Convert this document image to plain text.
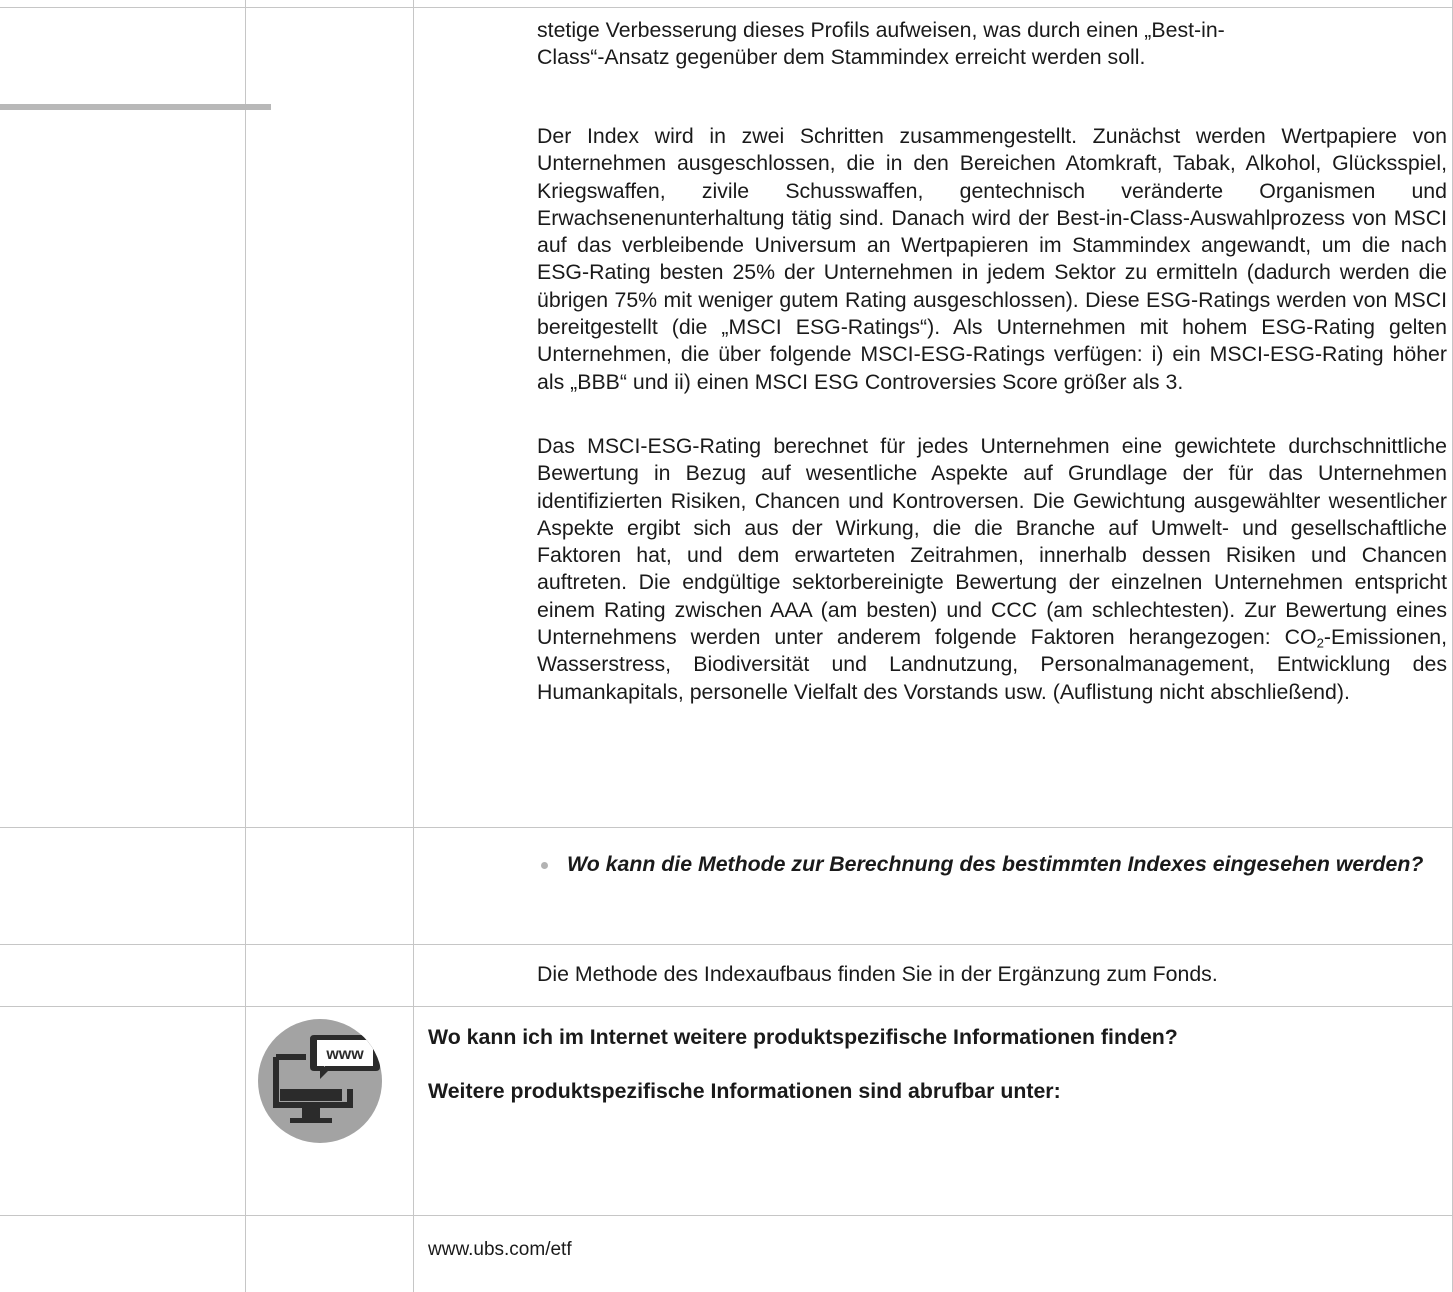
stetige Verbesserung dieses Profils aufweisen, was durch einen „Best-in-

Class“-Ansatz gegenüber dem Stammindex erreicht werden soll.

Der Index wird in zwei Schritten zusammengestellt. Zunächst werden Wertpapiere von Unternehmen ausgeschlossen, die in den Bereichen Atomkraft, Tabak, Alkohol, Glücksspiel, Kriegswaffen, zivile Schusswaffen, gentechnisch veränderte Organismen und Erwachsenenunterhaltung tätig sind. Danach wird der Best-in-Class-Auswahlprozess von MSCI auf das verbleibende Universum an Wertpapieren im Stammindex angewandt, um die nach ESG-Rating besten 25% der Unternehmen in jedem Sektor zu ermitteln (dadurch werden die übrigen 75% mit weniger gutem Rating ausgeschlossen). Diese ESG-Ratings werden von MSCI bereitgestellt (die „MSCI ESG-Ratings“). Als Unternehmen mit hohem ESG-Rating gelten Unternehmen, die über folgende MSCI-ESG-Ratings verfügen: i) ein MSCI-ESG-Rating höher als „BBB“ und ii) einen MSCI ESG Controversies Score größer als 3.

Das MSCI-ESG-Rating berechnet für jedes Unternehmen eine gewichtete durchschnittliche Bewertung in Bezug auf wesentliche Aspekte auf Grundlage der für das Unternehmen identifizierten Risiken, Chancen und Kontroversen. Die Gewichtung ausgewählter wesentlicher Aspekte ergibt sich aus der Wirkung, die die Branche auf Umwelt- und gesellschaftliche Faktoren hat, und dem erwarteten Zeitrahmen, innerhalb dessen Risiken und Chancen auftreten. Die endgültige sektorbereinigte Bewertung der einzelnen Unternehmen entspricht einem Rating zwischen AAA (am besten) und CCC (am schlechtesten). Zur Bewertung eines Unternehmens werden unter anderem folgende Faktoren herangezogen: $CO_2$-Emissionen, Wasserstress, Biodiversität und Landnutzung, Personalmanagement, Entwicklung des Humankapitals, personelle Vielfalt des Vorstands usw. (Auflistung nicht abschließend).

Wo kann die Methode zur Berechnung des bestimmten Indexes eingesehen werden?

Die Methode des Indexaufbaus finden Sie in der Ergänzung zum Fonds.

www

Wo kann ich im Internet weitere produktspezifische Informationen finden?

Weitere produktspezifische Informationen sind abrufbar unter:

www.ubs.com/etf
